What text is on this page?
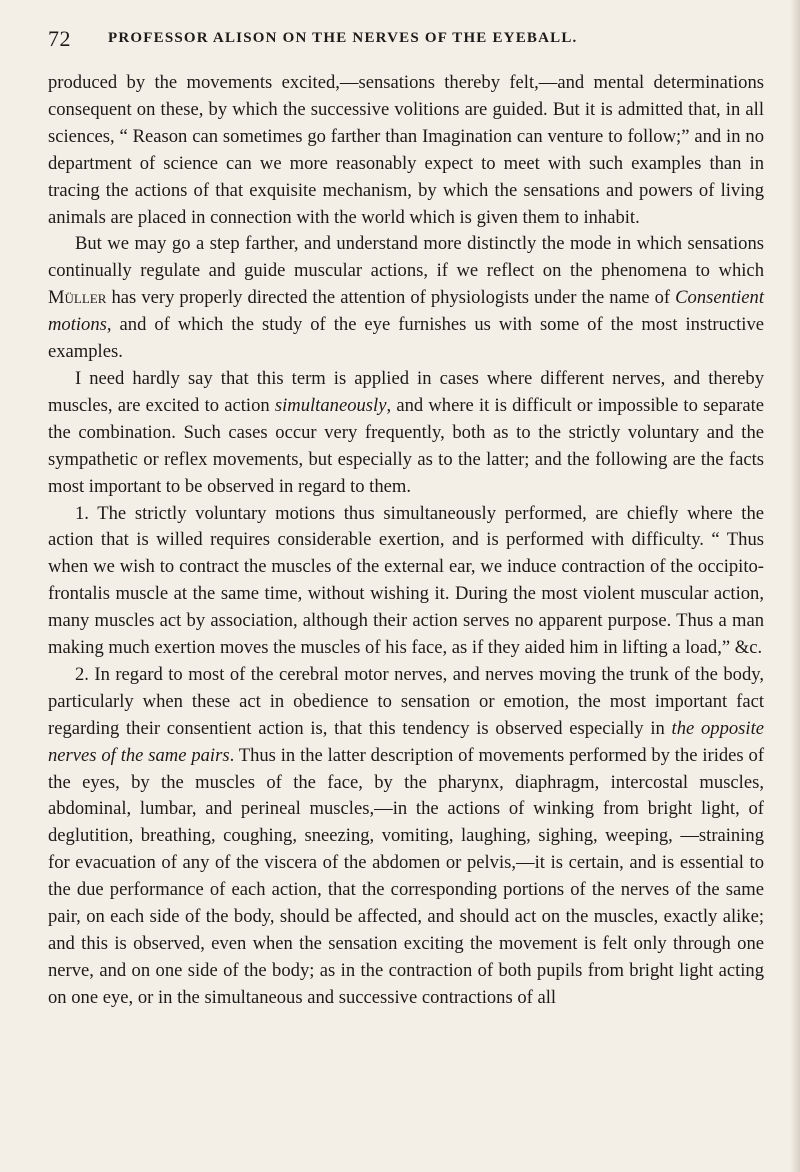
72 PROFESSOR ALISON ON THE NERVES OF THE EYEBALL.

produced by the movements excited,—sensations thereby felt,—and mental determinations consequent on these, by which the successive volitions are guided. But it is admitted that, in all sciences, “ Reason can sometimes go farther than Imagination can venture to follow;” and in no department of science can we more reasonably expect to meet with such examples than in tracing the actions of that exquisite mechanism, by which the sensations and powers of living animals are placed in connection with the world which is given them to inhabit.

But we may go a step farther, and understand more distinctly the mode in which sensations continually regulate and guide muscular actions, if we reflect on the phenomena to which Müller has very properly directed the attention of physiologists under the name of Consentient motions, and of which the study of the eye furnishes us with some of the most instructive examples.

I need hardly say that this term is applied in cases where different nerves, and thereby muscles, are excited to action simultaneously, and where it is difficult or impossible to separate the combination. Such cases occur very frequently, both as to the strictly voluntary and the sympathetic or reflex movements, but especially as to the latter; and the following are the facts most important to be observed in regard to them.

1. The strictly voluntary motions thus simultaneously performed, are chiefly where the action that is willed requires considerable exertion, and is performed with difficulty. “ Thus when we wish to contract the muscles of the external ear, we induce contraction of the occipito-frontalis muscle at the same time, without wishing it. During the most violent muscular action, many muscles act by association, although their action serves no apparent purpose. Thus a man making much exertion moves the muscles of his face, as if they aided him in lifting a load,” &c.

2. In regard to most of the cerebral motor nerves, and nerves moving the trunk of the body, particularly when these act in obedience to sensation or emotion, the most important fact regarding their consentient action is, that this tendency is observed especially in the opposite nerves of the same pairs. Thus in the latter description of movements performed by the irides of the eyes, by the muscles of the face, by the pharynx, diaphragm, intercostal muscles, abdominal, lumbar, and perineal muscles,—in the actions of winking from bright light, of deglutition, breathing, coughing, sneezing, vomiting, laughing, sighing, weeping, —straining for evacuation of any of the viscera of the abdomen or pelvis,—it is certain, and is essential to the due performance of each action, that the corresponding portions of the nerves of the same pair, on each side of the body, should be affected, and should act on the muscles, exactly alike; and this is observed, even when the sensation exciting the movement is felt only through one nerve, and on one side of the body; as in the contraction of both pupils from bright light acting on one eye, or in the simultaneous and successive contractions of all
